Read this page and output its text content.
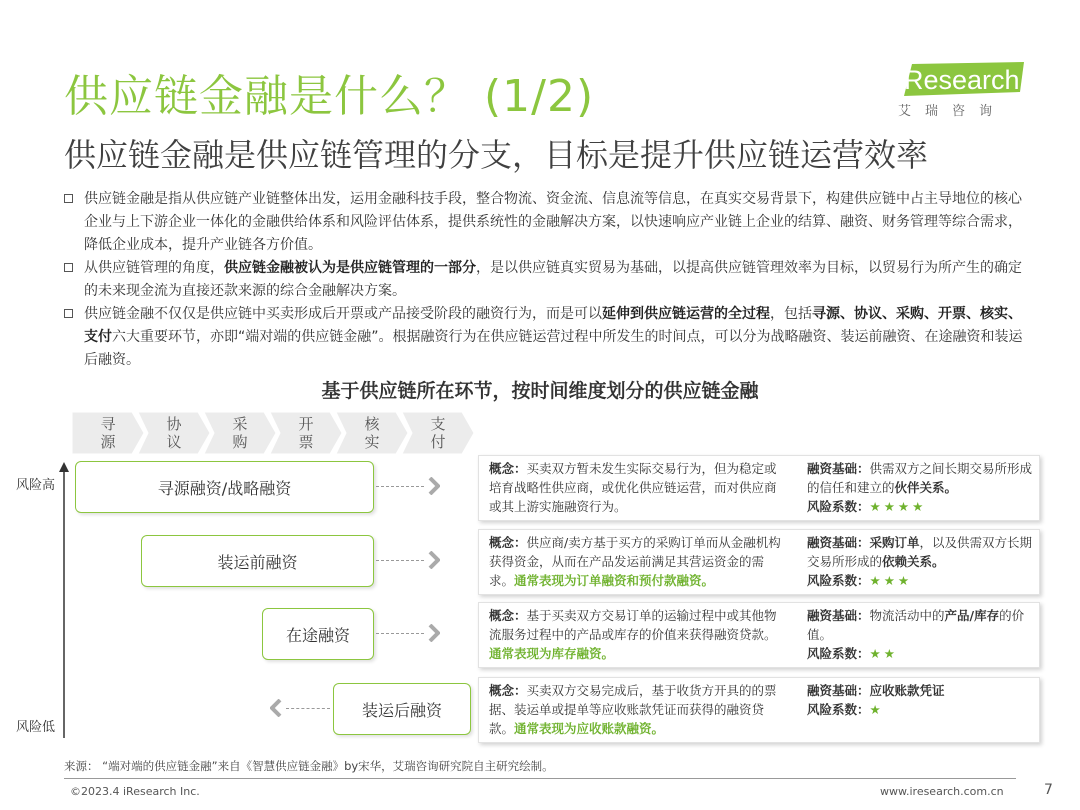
供应链金融是什么？ (1/2)
供应链金融是供应链管理的分支，目标是提升供应链运营效率
iResearch
艾瑞咨询

供应链金融是指从供应链产业链整体出发，运用金融科技手段，整合物流、资金流、信息流等信息，在真实交易背景下，构建供应链中占主导地位的核心企业与上下游企业一体化的金融供给体系和风险评估体系，提供系统性的金融解决方案，以快速响应产业链上企业的结算、融资、财务管理等综合需求，降低企业成本，提升产业链各方价值。

从供应链管理的角度，供应链金融被认为是供应链管理的一部分，是以供应链真实贸易为基础，以提高供应链管理效率为目标，以贸易行为所产生的确定的未来现金流为直接还款来源的综合金融解决方案。

供应链金融不仅仅是供应链中买卖形成后开票或产品接受阶段的融资行为，而是可以延伸到供应链运营的全过程，包括寻源、协议、采购、开票、核实、支付六大重要环节，亦即“端对端的供应链金融”。根据融资行为在供应链运营过程中所发生的时间点，可以分为战略融资、装运前融资、在途融资和装运后融资。

基于供应链所在环节，按时间维度划分的供应链金融
寻
源
协
议
采
购
开
票
核
实
支
付
风险高
风险低
寻源融资/战略融资
装运前融资
在途融资
装运后融资
概念：买卖双方暂未发生实际交易行为，但为稳定或培育战略性供应商，或优化供应链运营，而对供应商或其上游实施融资行为。
融资基础：供需双方之间长期交易所形成的信任和建立的伙伴关系。
风险系数：★★★★
概念：供应商/卖方基于买方的采购订单而从金融机构获得资金，从而在产品发运前满足其营运资金的需求。通常表现为订单融资和预付款融资。
融资基础：采购订单，以及供需双方长期交易所形成的依赖关系。
风险系数：★★★
概念：基于买卖双方交易订单的运输过程中或其他物流服务过程中的产品或库存的价值来获得融资贷款。通常表现为库存融资。
融资基础：物流活动中的产品/库存的价值。
风险系数：★★
概念：买卖双方交易完成后，基于收货方开具的的票据、装运单或提单等应收账款凭证而获得的融资贷款。通常表现为应收账款融资。
融资基础：应收账款凭证
风险系数：★
来源： “端对端的供应链金融”来自《智慧供应链金融》by宋华，艾瑞咨询研究院自主研究绘制。
©2023.4 iResearch Inc.	www.iresearch.com.cn	7
